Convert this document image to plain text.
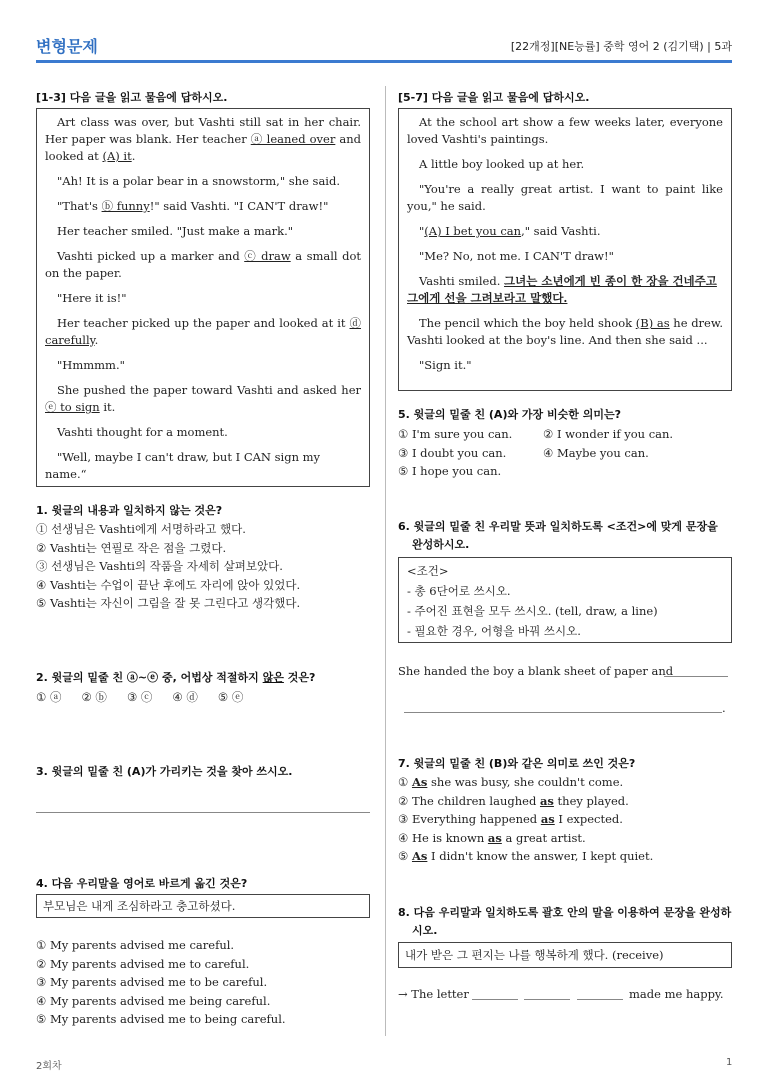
변형문제	[22개정][NE능률] 중학 영어 2 (김기택) | 5과
[1-3] 다음 글을 읽고 물음에 답하시오.

Art class was over, but Vashti still sat in her chair. Her paper was blank. Her teacher ⓐ leaned over and looked at (A) it.

"Ah! It is a polar bear in a snowstorm," she said.

"That's ⓑ funny!" said Vashti. "I CAN'T draw!"

Her teacher smiled. "Just make a mark."

Vashti picked up a marker and ⓒ draw a small dot on the paper.

"Here it is!"

Her teacher picked up the paper and looked at it ⓓ carefully.

"Hmmmm."

She pushed the paper toward Vashti and asked her ⓔ to sign it.

Vashti thought for a moment.

"Well, maybe I can't draw, but I CAN sign my name.“

1. 윗글의 내용과 일치하지 않는 것은?
① 선생님은 Vashti에게 서명하라고 했다.
② Vashti는 연필로 작은 점을 그렸다.
③ 선생님은 Vashti의 작품을 자세히 살펴보았다.
④ Vashti는 수업이 끝난 후에도 자리에 앉아 있었다.
⑤ Vashti는 자신이 그림을 잘 못 그린다고 생각했다.
2. 윗글의 밑줄 친 ⓐ~ⓔ 중, 어법상 적절하지 않은 것은?
① ⓐ ② ⓑ ③ ⓒ ④ ⓓ ⑤ ⓔ
3. 윗글의 밑줄 친 (A)가 가리키는 것을 찾아 쓰시오.
4. 다음 우리말을 영어로 바르게 옮긴 것은?
부모님은 내게 조심하라고 충고하셨다.
① My parents advised me careful.
② My parents advised me to careful.
③ My parents advised me to be careful.
④ My parents advised me being careful.
⑤ My parents advised me to being careful.
[5-7] 다음 글을 읽고 물음에 답하시오.

At the school art show a few weeks later, everyone loved Vashti's paintings.

A little boy looked up at her.

"You're a really great artist. I want to paint like you," he said.

"(A) I bet you can," said Vashti.

"Me? No, not me. I CAN'T draw!"

Vashti smiled. 그녀는 소년에게 빈 종이 한 장을 건네주고 그에게 선을 그려보라고 말했다.

The pencil which the boy held shook (B) as he drew. Vashti looked at the boy's line. And then she said ...

"Sign it."

5. 윗글의 밑줄 친 (A)와 가장 비슷한 의미는?
① I'm sure you can.	② I wonder if you can.
③ I doubt you can.	④ Maybe you can.
⑤ I hope you can.
6. 윗글의 밑줄 친 우리말 뜻과 일치하도록 <조건>에 맞게 문장을 완성하시오.
<조건>
- 총 6단어로 쓰시오.
- 주어진 표현을 모두 쓰시오. (tell, draw, a line)
- 필요한 경우, 어형을 바꿔 쓰시오.
She handed the boy a blank sheet of paper and
.
7. 윗글의 밑줄 친 (B)와 같은 의미로 쓰인 것은?
① As she was busy, she couldn't come.
② The children laughed as they played.
③ Everything happened as I expected.
④ He is known as a great artist.
⑤ As I didn't know the answer, I kept quiet.
8. 다음 우리말과 일치하도록 괄호 안의 말을 이용하여 문장을 완성하시오.
내가 받은 그 편지는 나를 행복하게 했다. (receive)
→ The letter	made me happy.
2회차	1
